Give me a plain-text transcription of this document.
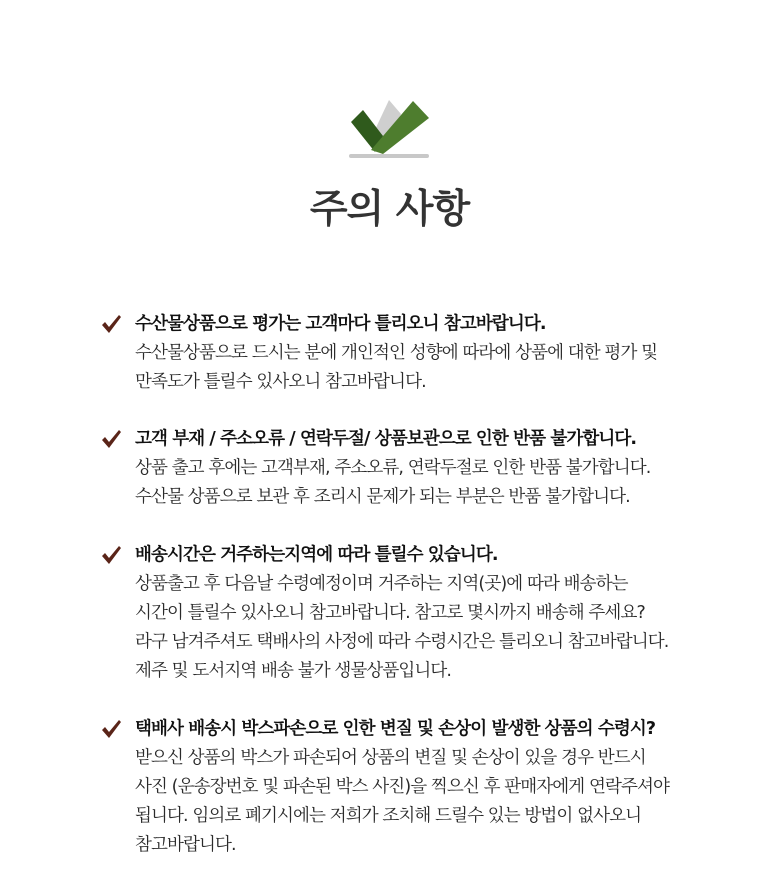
주의 사항
수산물상품으로 평가는 고객마다 틀리오니 참고바랍니다.
수산물상품으로 드시는 분에 개인적인 성향에 따라에 상품에 대한 평가 및
만족도가 틀릴수 있사오니 참고바랍니다.
고객 부재 / 주소오류 / 연락두절/ 상품보관으로 인한 반품 불가합니다.
상품 출고 후에는 고객부재, 주소오류, 연락두절로 인한 반품 불가합니다.
수산물 상품으로 보관 후 조리시 문제가 되는 부분은 반품 불가합니다.
배송시간은 거주하는지역에 따라 틀릴수 있습니다.
상품출고 후 다음날 수령예정이며 거주하는 지역(곳)에 따라 배송하는
시간이 틀릴수 있사오니 참고바랍니다. 참고로 몇시까지 배송해 주세요?
라구 남겨주셔도 택배사의 사정에 따라 수령시간은 틀리오니 참고바랍니다.
제주 및 도서지역 배송 불가 생물상품입니다.
택배사 배송시 박스파손으로 인한 변질 및 손상이 발생한 상품의 수령시?
받으신 상품의 박스가 파손되어 상품의 변질 및 손상이 있을 경우 반드시
사진 (운송장번호 및 파손된 박스 사진)을 찍으신 후 판매자에게 연락주셔야
됩니다. 임의로 폐기시에는 저희가 조치해 드릴수 있는 방법이 없사오니
참고바랍니다.
